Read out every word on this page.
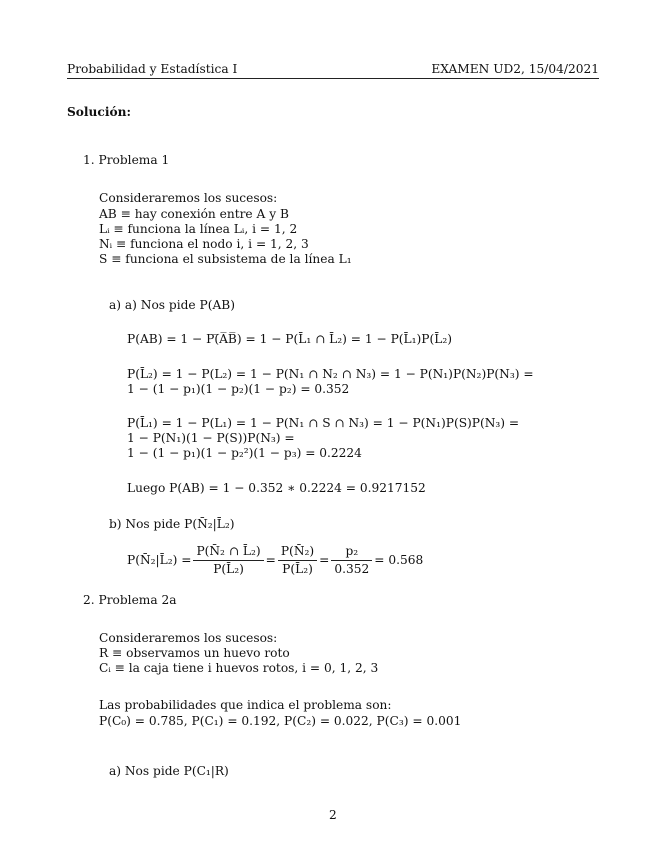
Probabilidad y Estadística I	EXAMEN UD2, 15/04/2021
Solución:
1. Problema 1
Consideraremos los sucesos:
AB ≡ hay conexión entre A y B
Lᵢ ≡ funciona la línea Lᵢ, i = 1, 2
Nᵢ ≡ funciona el nodo i, i = 1, 2, 3
S ≡ funciona el subsistema de la línea L₁
a) a) Nos pide P(AB)
P(AB) = 1 − P(̅A̅B̅) = 1 − P(L̄₁ ∩ L̄₂) = 1 − P(L̄₁)P(L̄₂)
P(L̄₂) = 1 − P(L₂) = 1 − P(N₁ ∩ N₂ ∩ N₃) = 1 − P(N₁)P(N₂)P(N₃) =
1 − (1 − p₁)(1 − p₂)(1 − p₂) = 0.352
P(L̄₁) = 1 − P(L₁) = 1 − P(N₁ ∩ S ∩ N₃) = 1 − P(N₁)P(S)P(N₃) =
1 − P(N₁)(1 − P(S))P(N₃) =
1 − (1 − p₁)(1 − p₂²)(1 − p₃) = 0.2224
Luego P(AB) = 1 − 0.352 ∗ 0.2224 = 0.9217152
b) Nos pide P(N̄₂|L̄₂)
P(N̄₂|L̄₂) = $\frac{\text{P(N̄₂ ∩ L̄₂)}}{\text{P(L̄₂)}} = \frac{\text{P(N̄₂)}}{\text{P(L̄₂)}} = \frac{\text{p₂}}{0.352} = 0.568$
2. Problema 2a
Consideraremos los sucesos:
R ≡ observamos un huevo roto
Cᵢ ≡ la caja tiene i huevos rotos, i = 0, 1, 2, 3
Las probabilidades que indica el problema son:
P(C₀) = 0.785, P(C₁) = 0.192, P(C₂) = 0.022, P(C₃) = 0.001
a) Nos pide P(C₁|R)
2
